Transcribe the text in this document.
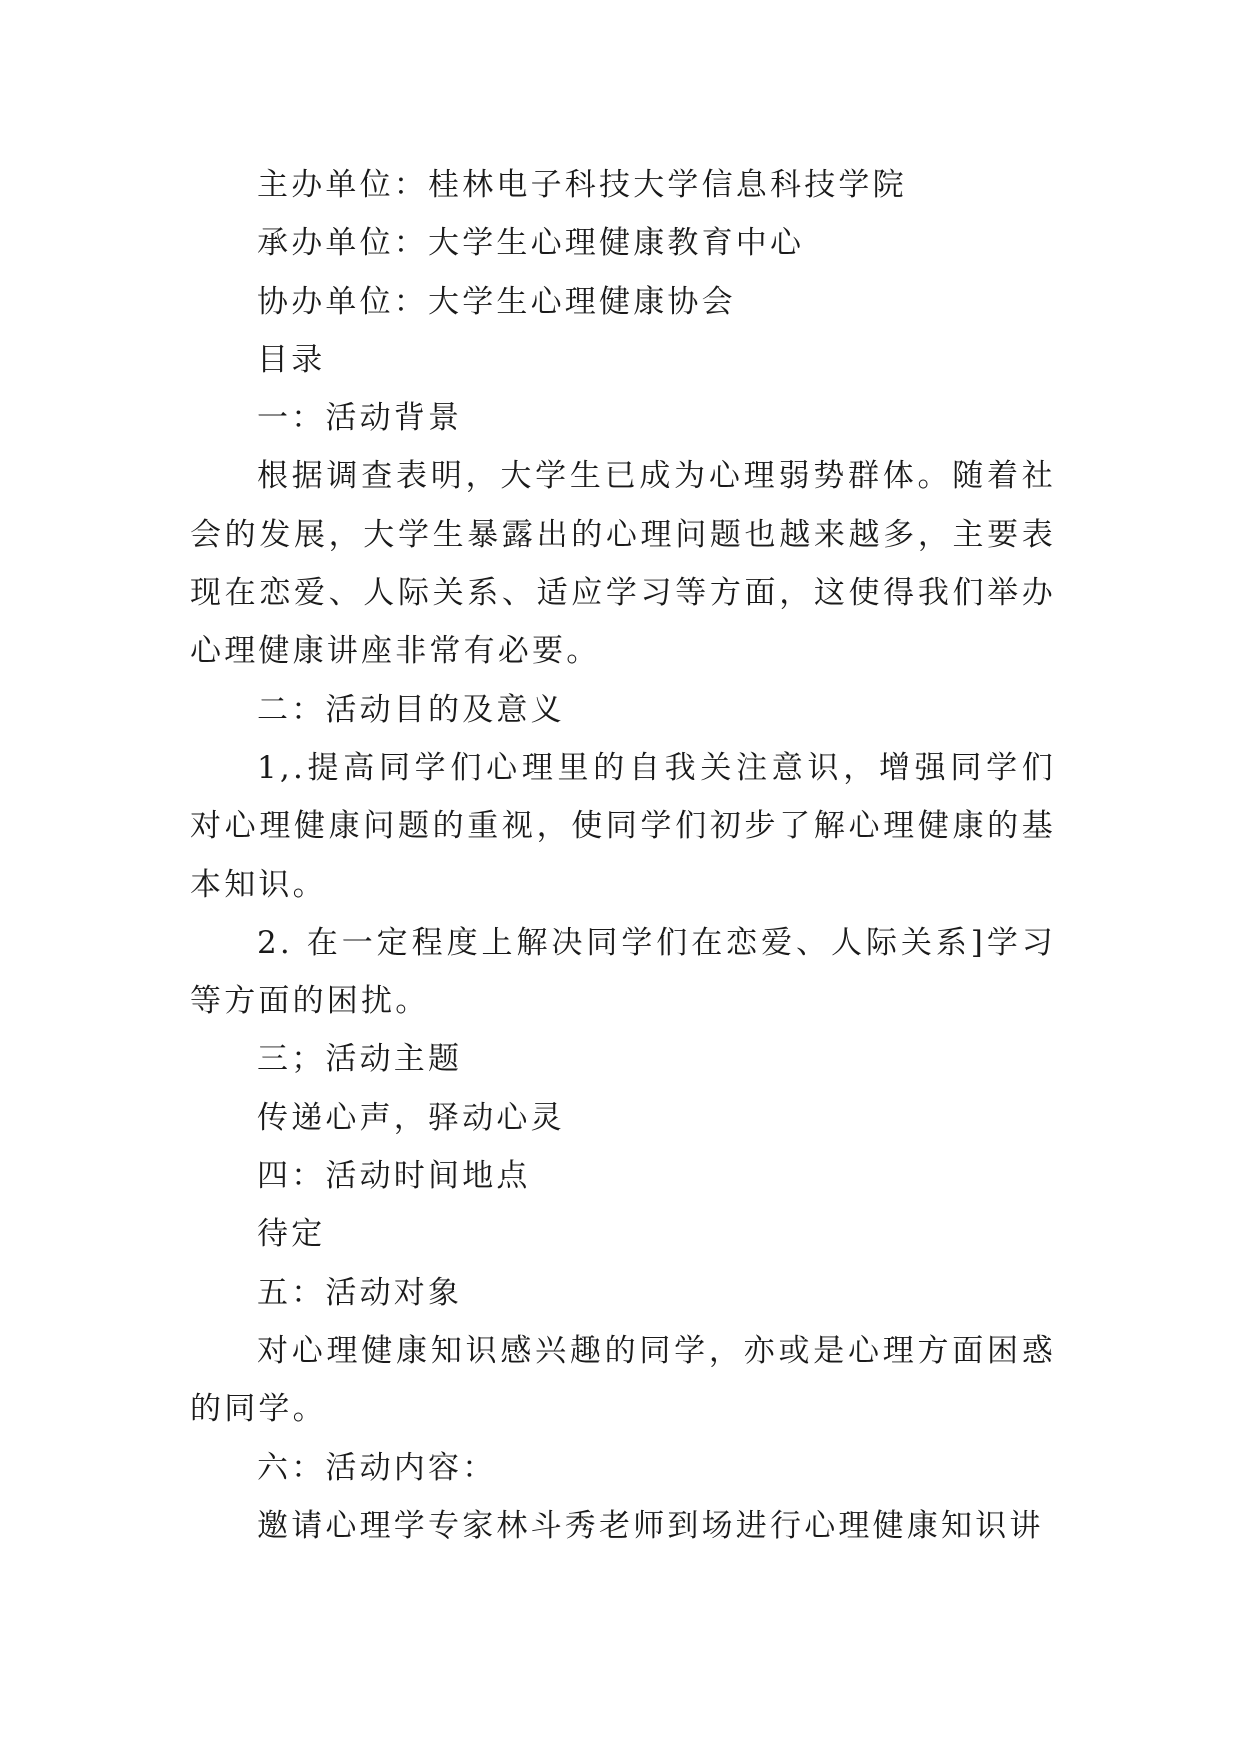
主办单位：桂林电子科技大学信息科技学院

承办单位：大学生心理健康教育中心

协办单位：大学生心理健康协会

目录

一：活动背景

根据调查表明，大学生已成为心理弱势群体。随着社会的发展，大学生暴露出的心理问题也越来越多，主要表现在恋爱、人际关系、适应学习等方面，这使得我们举办心理健康讲座非常有必要。

二：活动目的及意义

1,.提高同学们心理里的自我关注意识，增强同学们对心理健康问题的重视，使同学们初步了解心理健康的基本知识。

2. 在一定程度上解决同学们在恋爱、人际关系]学习等方面的困扰。

三；活动主题

传递心声，驿动心灵

四：活动时间地点

待定

五：活动对象

对心理健康知识感兴趣的同学，亦或是心理方面困惑的同学。

六：活动内容：

邀请心理学专家林斗秀老师到场进行心理健康知识讲
